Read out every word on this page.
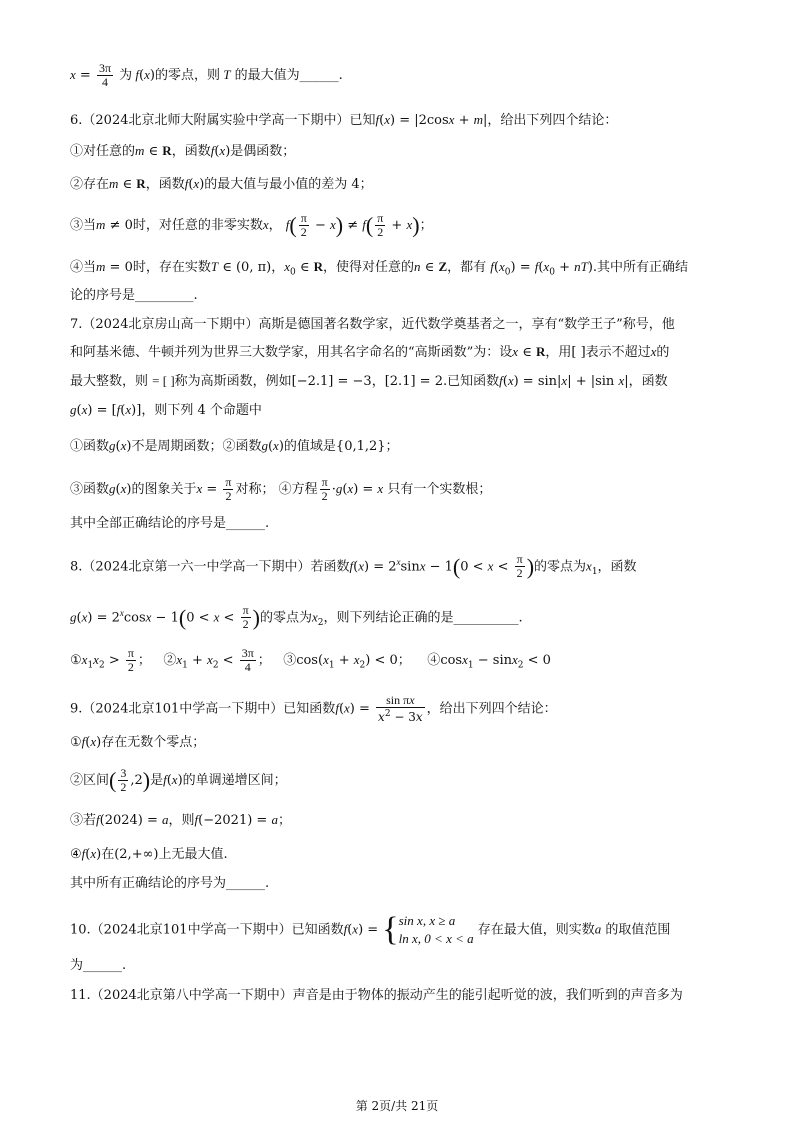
$x = \frac{3\pi}{4}$ 为 f(x)的零点，则 T 的最大值为______.
6.（2024北京北师大附属实验中学高一下期中）已知f(x) = |2cosx + m|，给出下列四个结论：
①对任意的m ∈ R，函数f(x)是偶函数；
②存在m ∈ R，函数f(x)的最大值与最小值的差为 4；
③当m ≠ 0时，对任意的非零实数x， $f( \frac{\pi}{2} - x) \ne f( \frac{\pi}{2} + x)$；
④当m = 0时，存在实数T ∈ (0, π)，$x_0$ ∈ R，使得对任意的n ∈ Z，都有 $f(x_0) = f(x_0 + nT)$.其中所有正确结
论的序号是_________.
7.（2024北京房山高一下期中）高斯是德国著名数学家，近代数学奠基者之一，享有“数学王子”称号，他
和阿基米德、牛顿并列为世界三大数学家，用其名字命名的“高斯函数”为：设x ∈ R，用[ ]表示不超过x的
最大整数，则 = [ ]称为高斯函数，例如[−2.1] = −3，[2.1] = 2.已知函数f(x) = sin|x| + |sin x|，函数
g(x) = [f(x)]，则下列 4 个命题中
①函数g(x)不是周期函数；②函数g(x)的值域是{0,1,2}；
③函数g(x)的图象关于$x = \frac{\pi}{2}$ 对称； ④方程 $\frac{\pi}{2} \cdot g(x) = x$ 只有一个实数根；
其中全部正确结论的序号是______.
8.（2024北京第一六一中学高一下期中）若函数$f(x) = 2^x\sin x - 1(0 < x < \frac{\pi}{2}$ )的零点为$x_1$，函数
$g(x) = 2^x\cos x - 1(0 < x < \frac{\pi}{2}$ )的零点为$x_2$，则下列结论正确的是__________.
$①x_1x_2 > \frac{\pi}{2}$ ；   $②x_1 + x_2 < \frac{3\pi}{4}$ ；   $③\cos(x_1 + x_2) < 0$；    ④cosx$_1$ − sinx$_2$ < 0
9.（2024北京101中学高一下期中）已知函数$f(x) = \frac{\text{sin πx}}{x^2 - 3x}$ ，给出下列四个结论：
①f(x)存在无数个零点；
②区间( $\frac{3}{2} ,2$)是f(x)的单调递增区间；
③若f(2024) = a，则f(−2021) = a；
④f(x)在(2,+∞)上无最大值.
其中所有正确结论的序号为______.
10.（2024北京101中学高一下期中）已知函数f(x) = {sin x, x ≥ a
ln x, 0 < x < a 存在最大值，则实数a 的取值范围
为______.
11.（2024北京第八中学高一下期中）声音是由于物体的振动产生的能引起听觉的波，我们听到的声音多为
第 2页/共 21页
